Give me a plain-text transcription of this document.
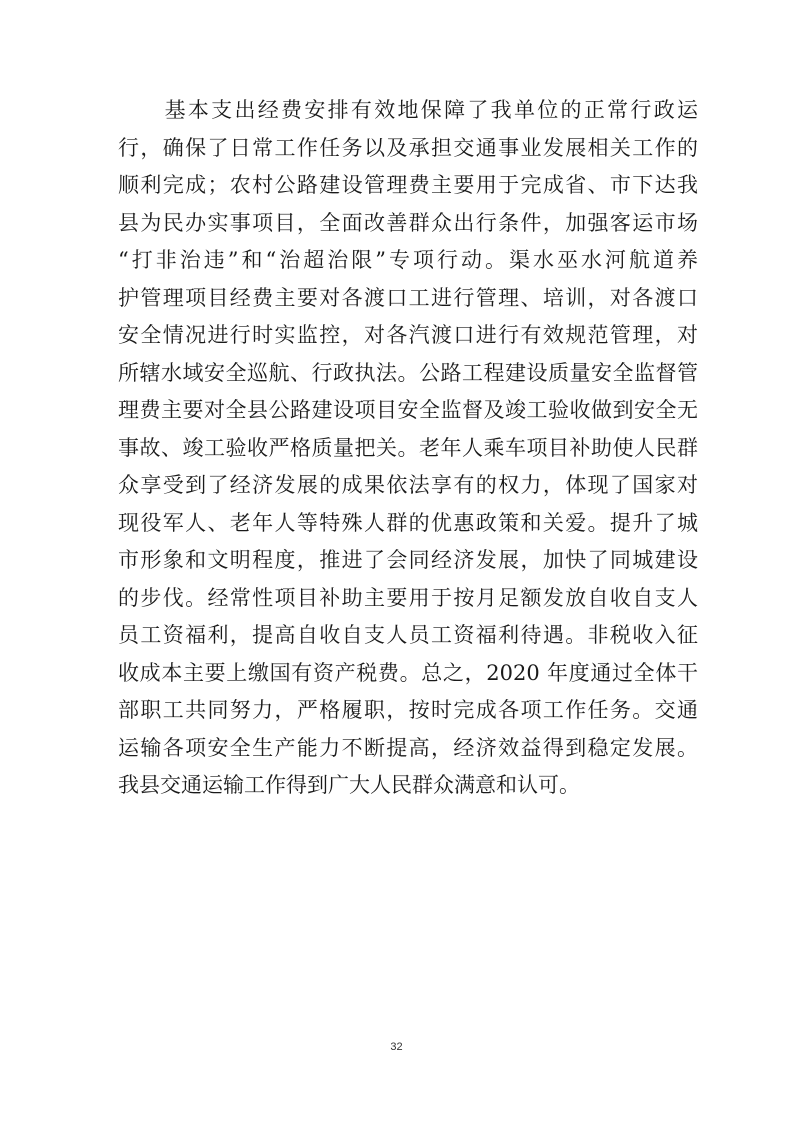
　　基本支出经费安排有效地保障了我单位的正常行政运
行，确保了日常工作任务以及承担交通事业发展相关工作的
顺利完成；农村公路建设管理费主要用于完成省、市下达我
县为民办实事项目，全面改善群众出行条件，加强客运市场
“打非治违”和“治超治限”专项行动。渠水巫水河航道养
护管理项目经费主要对各渡口工进行管理、培训，对各渡口
安全情况进行时实监控，对各汽渡口进行有效规范管理，对
所辖水域安全巡航、行政执法。公路工程建设质量安全监督管
理费主要对全县公路建设项目安全监督及竣工验收做到安全无
事故、竣工验收严格质量把关。老年人乘车项目补助使人民群
众享受到了经济发展的成果依法享有的权力，体现了国家对
现役军人、老年人等特殊人群的优惠政策和关爱。提升了城
市形象和文明程度，推进了会同经济发展，加快了同城建设
的步伐。经常性项目补助主要用于按月足额发放自收自支人
员工资福利，提高自收自支人员工资福利待遇。非税收入征
收成本主要上缴国有资产税费。总之，2020 年度通过全体干
部职工共同努力，严格履职，按时完成各项工作任务。交通
运输各项安全生产能力不断提高，经济效益得到稳定发展。
我县交通运输工作得到广大人民群众满意和认可。
32
